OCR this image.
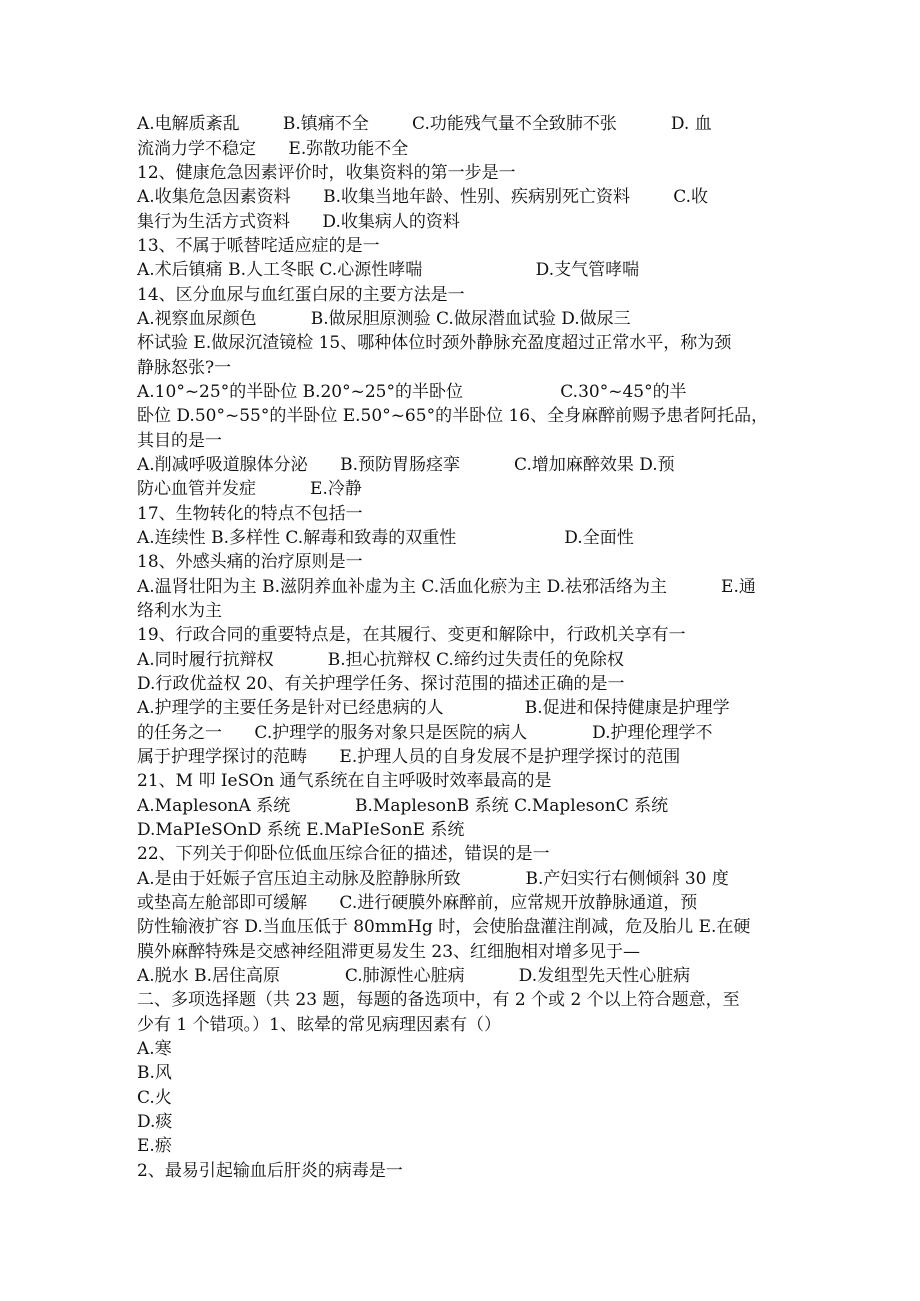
A.电解质紊乱        B.镇痛不全        C.功能残气量不全致肺不张          D. 血
流淌力学不稳定      E.弥散功能不全
12、健康危急因素评价时，收集资料的第一步是一
A.收集危急因素资料      B.收集当地年龄、性别、疾病别死亡资料        C.收
集行为生活方式资料      D.收集病人的资料
13、不属于哌替咤适应症的是一
A.术后镇痛 B.人工冬眠 C.心源性哮喘                     D.支气管哮喘
14、区分血尿与血红蛋白尿的主要方法是一
A.视察血尿颜色          B.做尿胆原测验 C.做尿潜血试验 D.做尿三
杯试验 E.做尿沉渣镜检 15、哪种体位时颈外静脉充盈度超过正常水平，称为颈
静脉怒张?一
A.10°~25°的半卧位 B.20°~25°的半卧位                  C.30°~45°的半
卧位 D.50°~55°的半卧位 E.50°~65°的半卧位 16、全身麻醉前赐予患者阿托品，
其目的是一
A.削减呼吸道腺体分泌      B.预防胃肠痉挛          C.增加麻醉效果 D.预
防心血管并发症          E.冷静
17、生物转化的特点不包括一
A.连续性 B.多样性 C.解毒和致毒的双重性                    D.全面性
18、外感头痛的治疗原则是一
A.温肾壮阳为主 B.滋阴养血补虚为主 C.活血化瘀为主 D.祛邪活络为主          E.通
络利水为主
19、行政合同的重要特点是，在其履行、变更和解除中，行政机关享有一
A.同时履行抗辩权          B.担心抗辩权 C.缔约过失责任的免除权
D.行政优益权 20、有关护理学任务、探讨范围的描述正确的是一
A.护理学的主要任务是针对已经患病的人               B.促进和保持健康是护理学
的任务之一      C.护理学的服务对象只是医院的病人            D.护理伦理学不
属于护理学探讨的范畴      E.护理人员的自身发展不是护理学探讨的范围
21、M 叩 IeSOn 通气系统在自主呼吸时效率最高的是
A.MaplesonA 系统            B.MaplesonB 系统 C.MaplesonC 系统
D.MaPIeSOnD 系统 E.MaPIeSonE 系统
22、下列关于仰卧位低血压综合征的描述，错误的是一
A.是由于妊娠子宫压迫主动脉及腔静脉所致            B.产妇实行右侧倾斜 30 度
或垫高左舱部即可缓解      C.进行硬膜外麻醉前，应常规开放静脉通道，预
防性输液扩容 D.当血压低于 80mmHg 时，会使胎盘灌注削减，危及胎儿 E.在硬
膜外麻醉特殊是交感神经阻滞更易发生 23、红细胞相对增多见于—
A.脱水 B.居住高原            C.肺源性心脏病          D.发组型先天性心脏病
二、多项选择题（共 23 题，每题的备选项中，有 2 个或 2 个以上符合题意，至
少有 1 个错项。）1、眩晕的常见病理因素有（）
A.寒
B.风
C.火
D.痰
E.瘀
2、最易引起输血后肝炎的病毒是一
